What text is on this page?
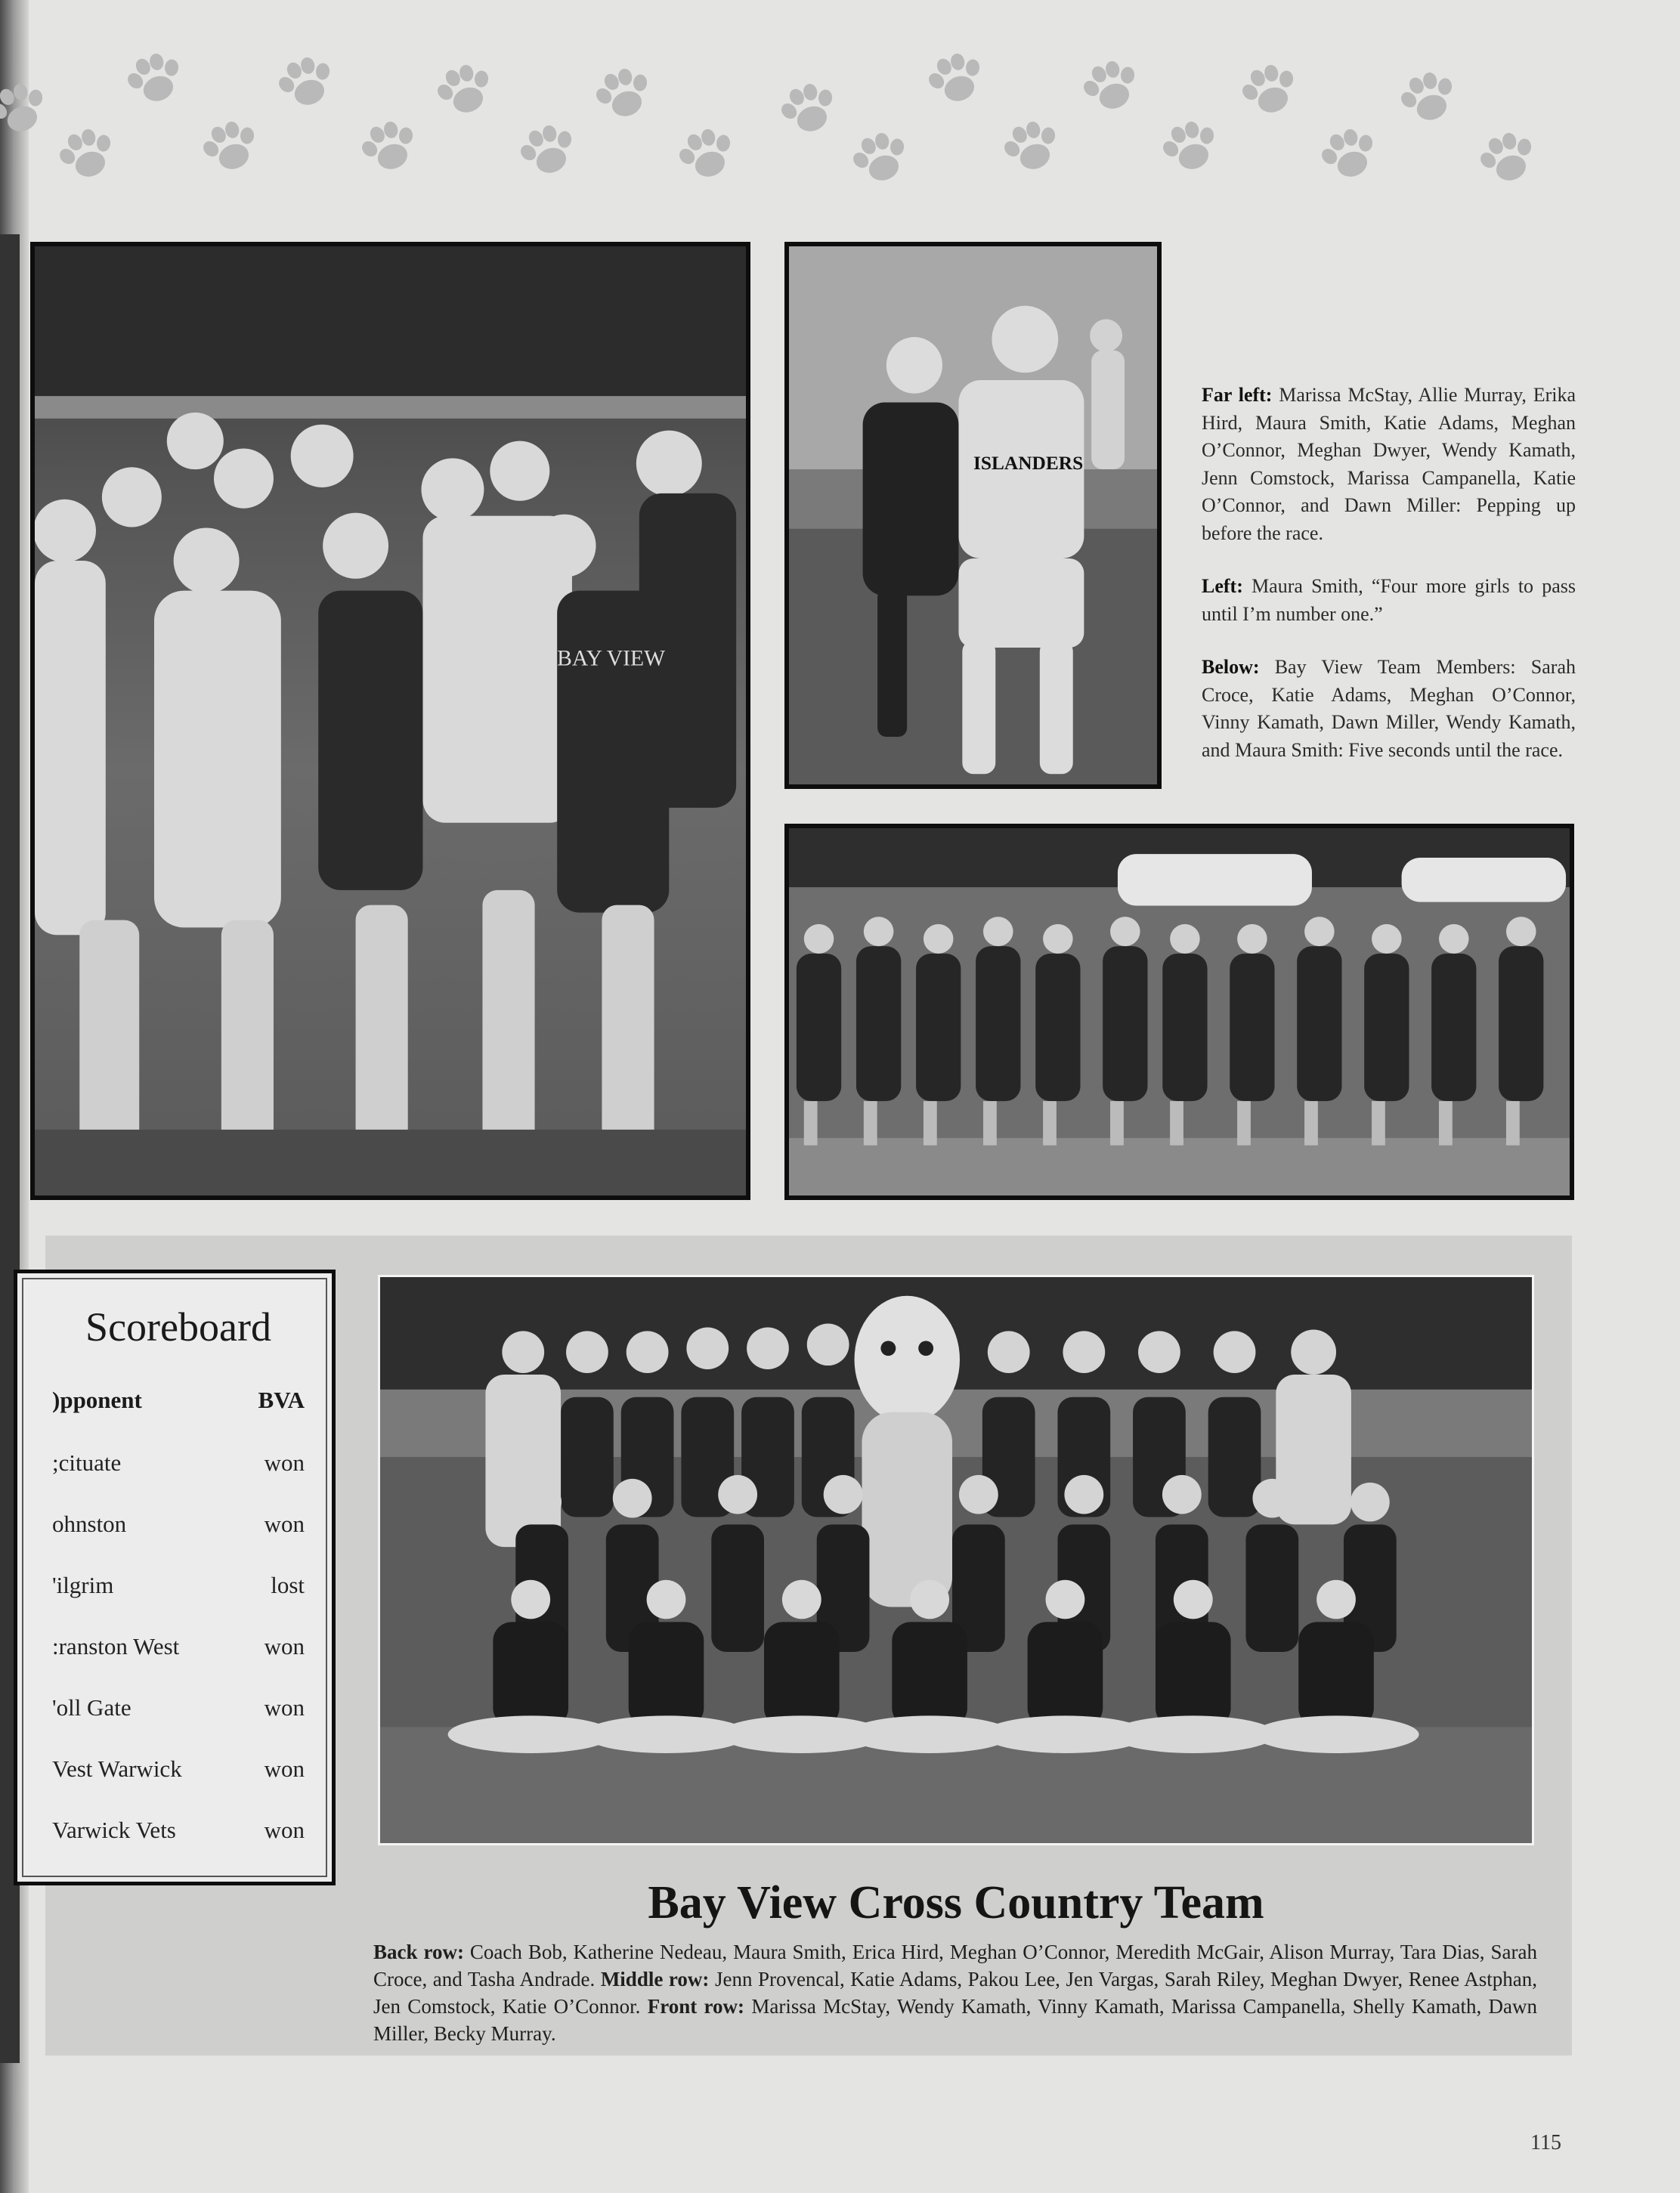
BAY VIEW
ISLANDERS

Far left: Marissa McStay, Allie Murray, Erika Hird, Maura Smith, Katie Adams, Meghan O’Connor, Meghan Dwyer, Wendy Kamath, Jenn Comstock, Marissa Campanella, Katie O’Connor, and Dawn Miller: Pepping up before the race.

Left: Maura Smith, “Four more girls to pass until I’m number one.”

Below: Bay View Team Members: Sarah Croce, Katie Adams, Meghan O’Connor, Vinny Kamath, Dawn Miller, Wendy Kamath, and Maura Smith: Five seconds until the race.

Scoreboard
)pponent	BVA
;cituate	won
ohnston	won
'ilgrim	lost
:ranston West	won
'oll Gate	won
Vest Warwick	won
Varwick Vets	won
Bay View Cross Country Team
Back row: Coach Bob, Katherine Nedeau, Maura Smith, Erica Hird, Meghan O’Connor, Meredith McGair, Alison Murray, Tara Dias, Sarah Croce, and Tasha Andrade. Middle row: Jenn Provencal, Katie Adams, Pakou Lee, Jen Vargas, Sarah Riley, Meghan Dwyer, Renee Astphan, Jen Comstock, Katie O’Connor. Front row: Marissa McStay, Wendy Kamath, Vinny Kamath, Marissa Campanella, Shelly Kamath, Dawn Miller, Becky Murray.
115
